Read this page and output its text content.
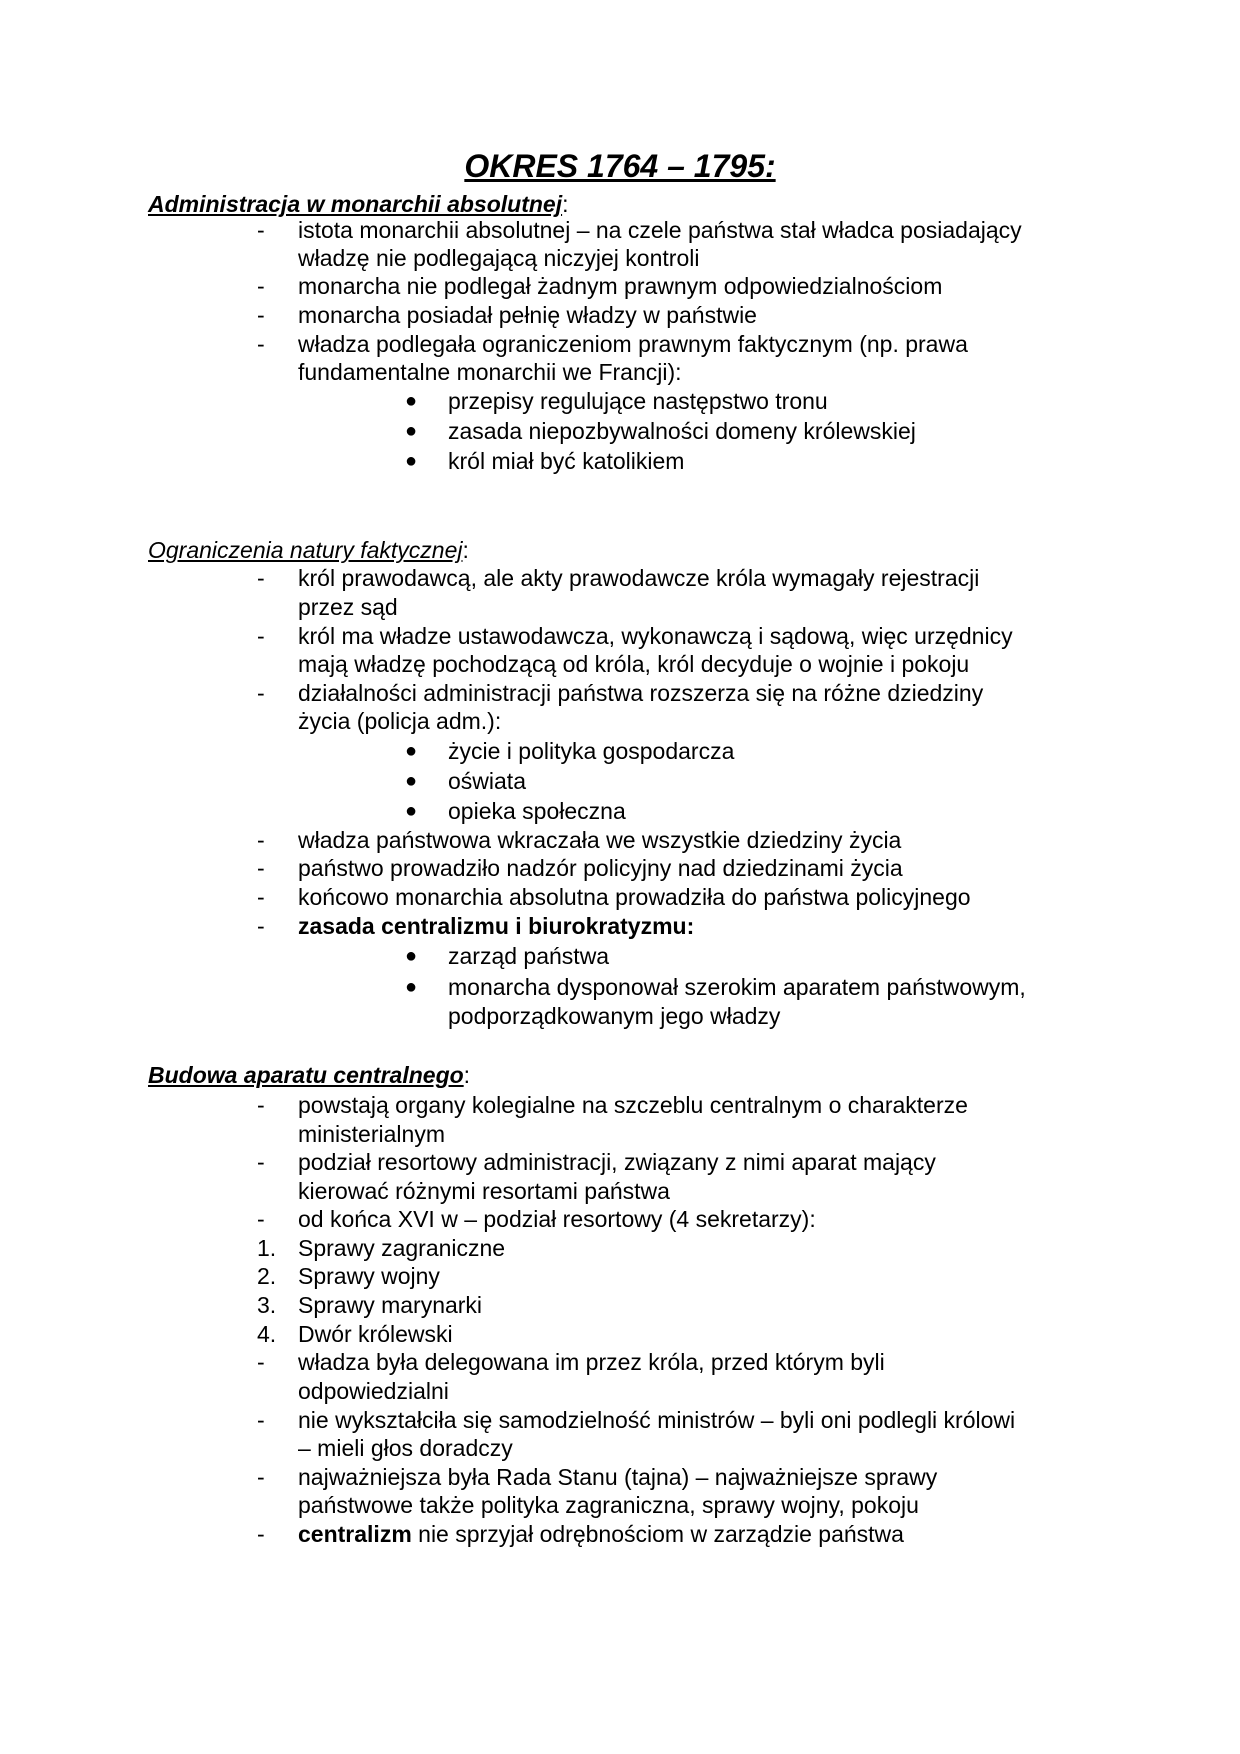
OKRES 1764 – 1795:
Administracja w monarchii absolutnej:
-	istota monarchii absolutnej – na czele państwa stał władca posiadający
władzę nie podlegającą niczyjej kontroli
-	monarcha nie podlegał żadnym prawnym odpowiedzialnościom
-	monarcha posiadał pełnię władzy w państwie
-	władza podlegała ograniczeniom prawnym faktycznym (np. prawa
fundamentalne monarchii we Francji):
●	przepisy regulujące następstwo tronu
●	zasada niepozbywalności domeny królewskiej
●	król miał być katolikiem
Ograniczenia natury faktycznej:
-	król prawodawcą, ale akty prawodawcze króla wymagały rejestracji
przez sąd
-	król ma władze ustawodawcza, wykonawczą i sądową, więc urzędnicy
mają władzę pochodzącą od króla, król decyduje o wojnie i pokoju
-	działalności administracji państwa rozszerza się na różne dziedziny
życia (policja adm.):
●	życie i polityka gospodarcza
●	oświata
●	opieka społeczna
-	władza państwowa wkraczała we wszystkie dziedziny życia
-	państwo prowadziło nadzór policyjny nad dziedzinami życia
-	końcowo monarchia absolutna prowadziła do państwa policyjnego
-	zasada centralizmu i biurokratyzmu:
●	zarząd państwa
●	monarcha dysponował szerokim aparatem państwowym,
podporządkowanym jego władzy
Budowa aparatu centralnego:
-	powstają organy kolegialne na szczeblu centralnym o charakterze
ministerialnym
-	podział resortowy administracji, związany z nimi aparat mający
kierować różnymi resortami państwa
-	od końca XVI w – podział resortowy (4 sekretarzy):
1. Sprawy zagraniczne
2. Sprawy wojny
3. Sprawy marynarki
4. Dwór królewski
-	władza była delegowana im przez króla, przed którym byli
odpowiedzialni
-	nie wykształciła się samodzielność ministrów – byli oni podlegli królowi
– mieli głos doradczy
-	najważniejsza była Rada Stanu (tajna) – najważniejsze sprawy
państwowe także polityka zagraniczna, sprawy wojny, pokoju
-	centralizm nie sprzyjał odrębnościom w zarządzie państwa
